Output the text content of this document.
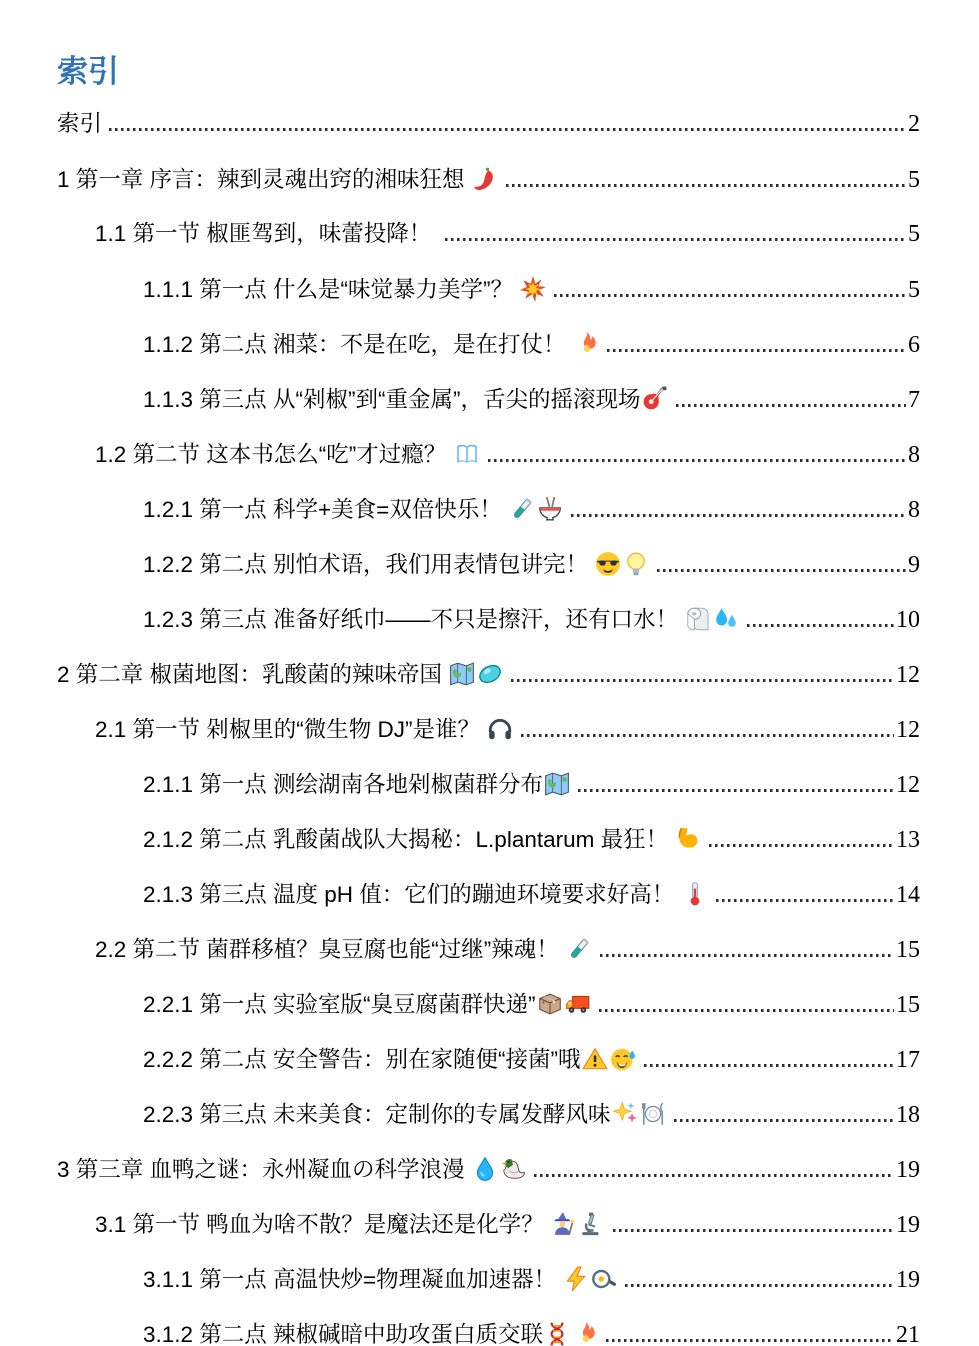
索引
索引	2
1 第一章 序言：辣到灵魂出窍的湘味狂想	5
1.1 第一节 椒匪驾到，味蕾投降！	5
1.1.1 第一点 什么是“味觉暴力美学”？	5
1.1.2 第二点 湘菜：不是在吃，是在打仗！	6
1.1.3 第三点 从“剁椒”到“重金属”，舌尖的摇滚现场	7
1.2 第二节 这本书怎么“吃”才过瘾？	8
1.2.1 第一点 科学+美食=双倍快乐！	8
1.2.2 第二点 别怕术语，我们用表情包讲完！	9
1.2.3 第三点 准备好纸巾——不只是擦汗，还有口水！	10
2 第二章 椒菌地图：乳酸菌的辣味帝国	12
2.1 第一节 剁椒里的“微生物 DJ”是谁？	12
2.1.1 第一点 测绘湖南各地剁椒菌群分布	12
2.1.2 第二点 乳酸菌战队大揭秘：L.plantarum 最狂！	13
2.1.3 第三点 温度 pH 值：它们的蹦迪环境要求好高！	14
2.2 第二节 菌群移植？臭豆腐也能“过继”辣魂！	15
2.2.1 第一点 实验室版“臭豆腐菌群快递”	15
2.2.2 第二点 安全警告：别在家随便“接菌”哦	17
2.2.3 第三点 未来美食：定制你的专属发酵风味	18
3 第三章 血鸭之谜：永州凝血の科学浪漫	19
3.1 第一节 鸭血为啥不散？是魔法还是化学？	19
3.1.1 第一点 高温快炒=物理凝血加速器！	19
3.1.2 第二点 辣椒碱暗中助攻蛋白质交联	21
